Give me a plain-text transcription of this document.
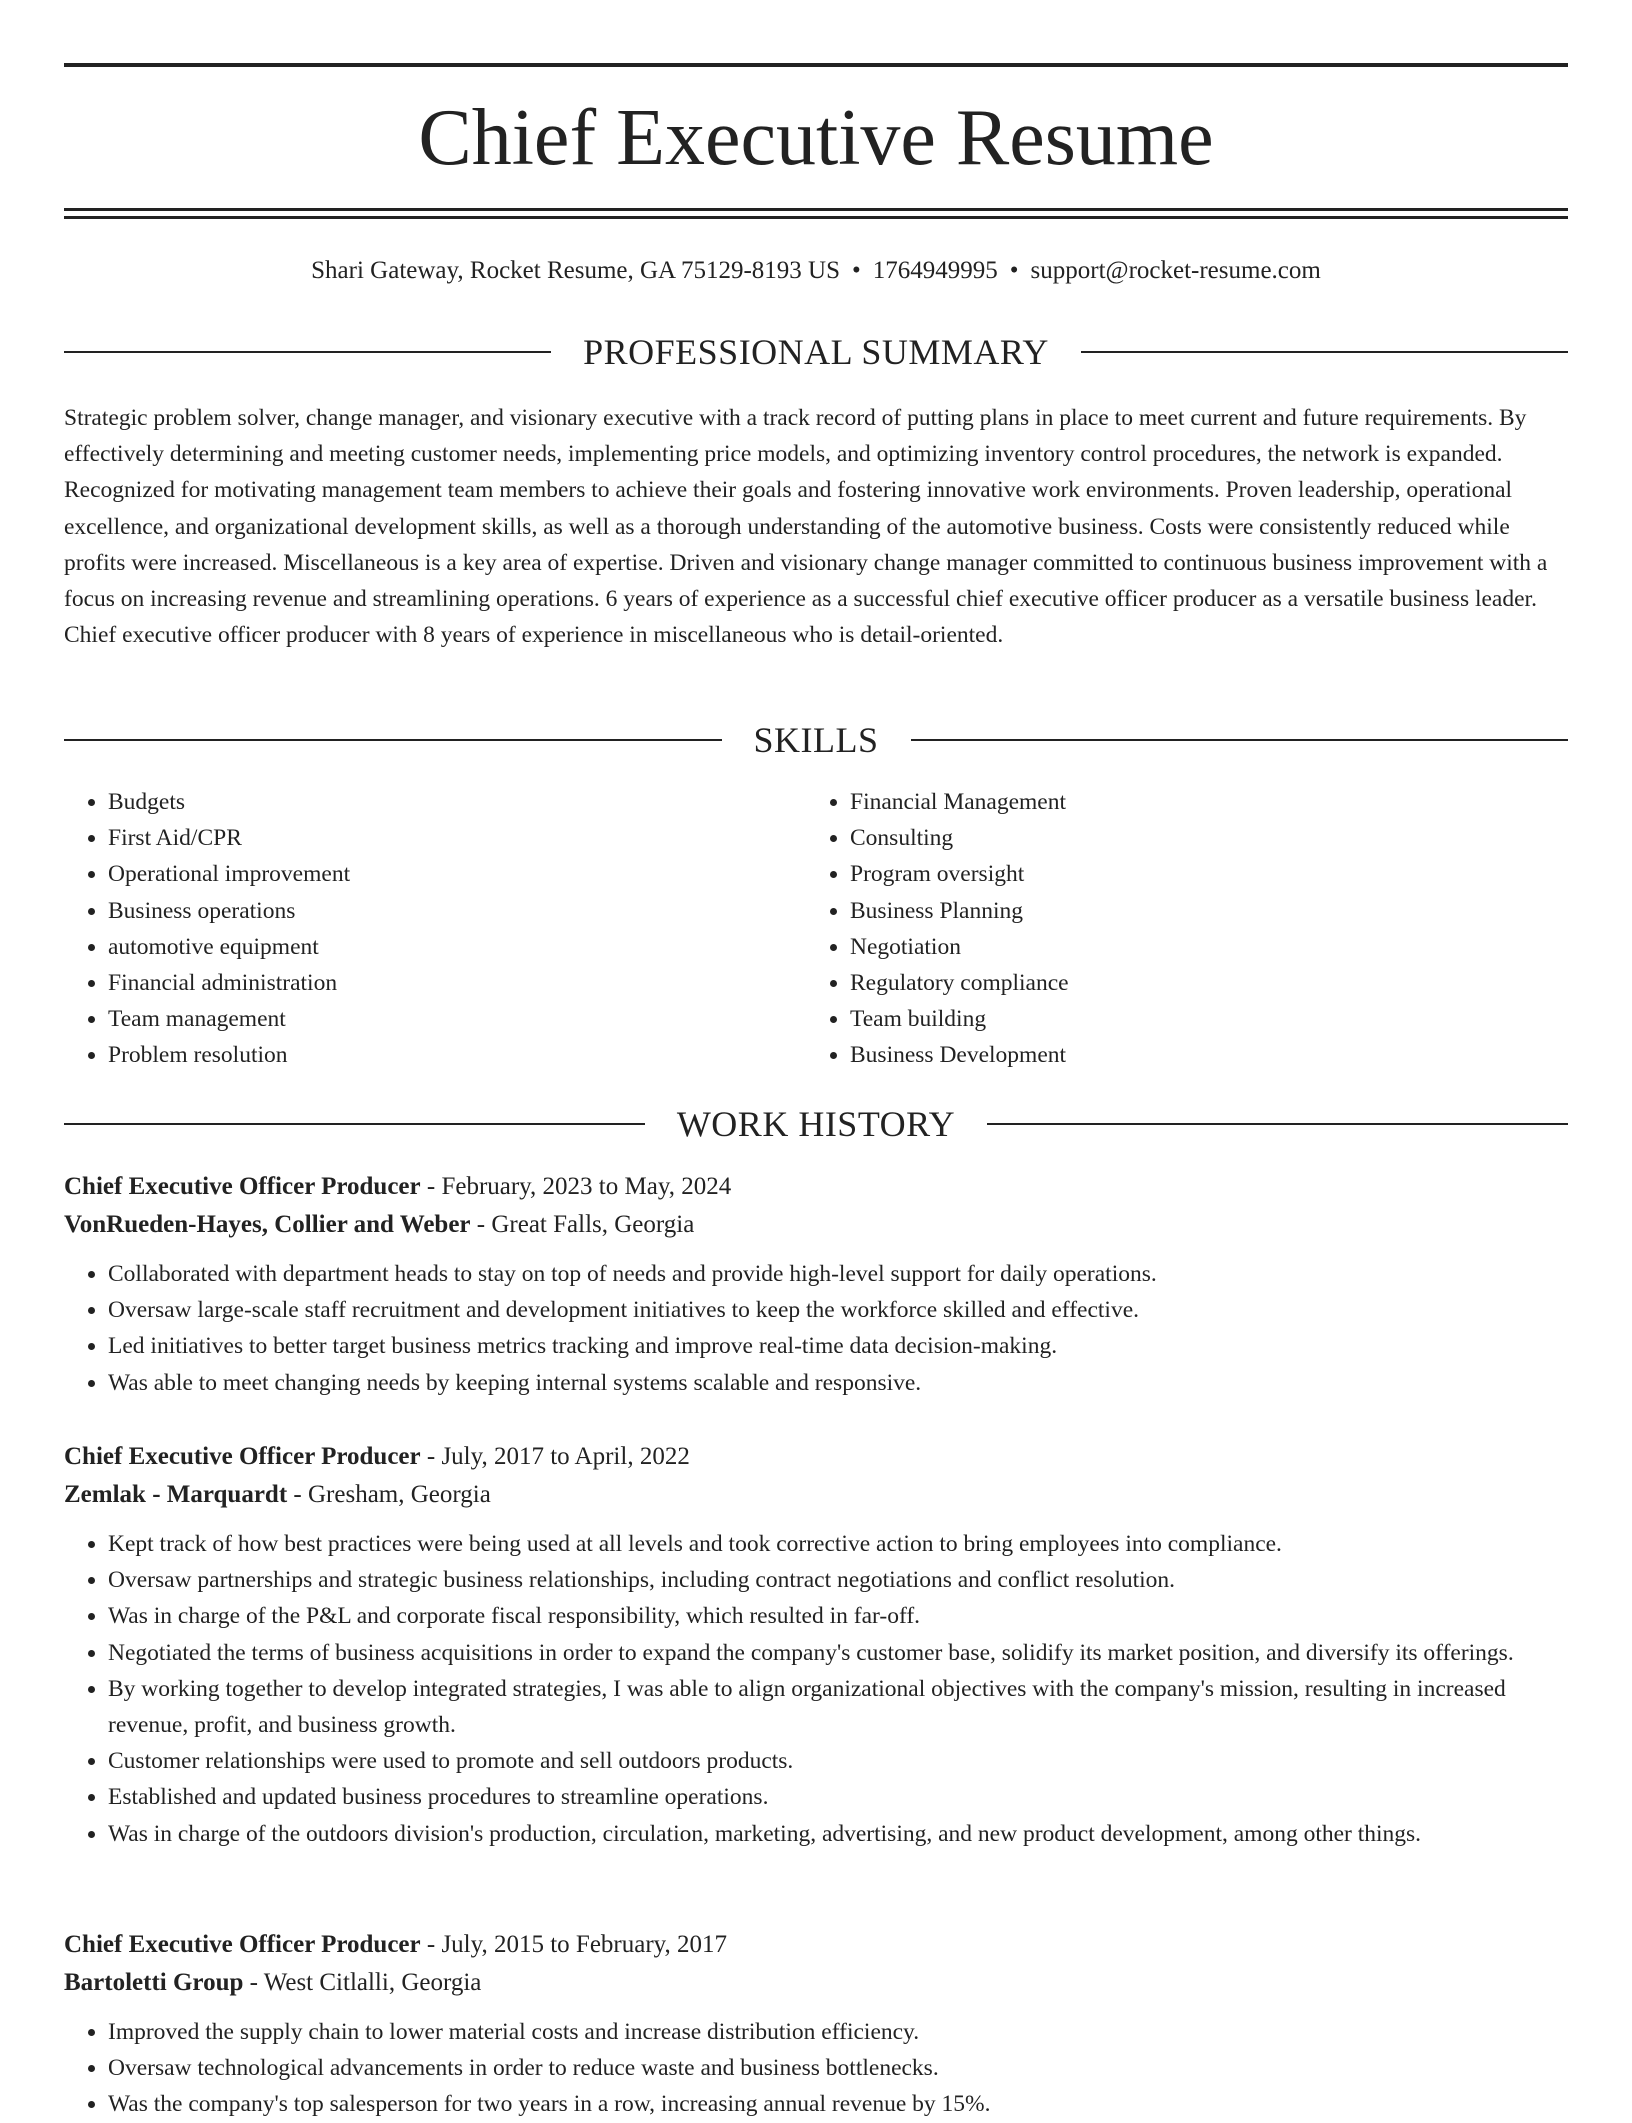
Chief Executive Resume
Shari Gateway, Rocket Resume, GA 75129-8193 US • 1764949995 • support@rocket-resume.com
PROFESSIONAL SUMMARY

Strategic problem solver, change manager, and visionary executive with a track record of putting plans in place to meet current and future requirements. By effectively determining and meeting customer needs, implementing price models, and optimizing inventory control procedures, the network is expanded. Recognized for motivating management team members to achieve their goals and fostering innovative work environments. Proven leadership, operational excellence, and organizational development skills, as well as a thorough understanding of the automotive business. Costs were consistently reduced while profits were increased. Miscellaneous is a key area of expertise. Driven and visionary change manager committed to continuous business improvement with a focus on increasing revenue and streamlining operations. 6 years of experience as a successful chief executive officer producer as a versatile business leader. Chief executive officer producer with 8 years of experience in miscellaneous who is detail-oriented.

SKILLS
• Budgets
• First Aid/CPR
• Operational improvement
• Business operations
• automotive equipment
• Financial administration
• Team management
• Problem resolution
• Financial Management
• Consulting
• Program oversight
• Business Planning
• Negotiation
• Regulatory compliance
• Team building
• Business Development
WORK HISTORY

Chief Executive Officer Producer - February, 2023 to May, 2024

VonRueden-Hayes, Collier and Weber - Great Falls, Georgia

• Collaborated with department heads to stay on top of needs and provide high-level support for daily operations.
• Oversaw large-scale staff recruitment and development initiatives to keep the workforce skilled and effective.
• Led initiatives to better target business metrics tracking and improve real-time data decision-making.
• Was able to meet changing needs by keeping internal systems scalable and responsive.

Chief Executive Officer Producer - July, 2017 to April, 2022

Zemlak - Marquardt - Gresham, Georgia

• Kept track of how best practices were being used at all levels and took corrective action to bring employees into compliance.
• Oversaw partnerships and strategic business relationships, including contract negotiations and conflict resolution.
• Was in charge of the P&L and corporate fiscal responsibility, which resulted in far-off.
• Negotiated the terms of business acquisitions in order to expand the company's customer base, solidify its market position, and diversify its offerings.
• By working together to develop integrated strategies, I was able to align organizational objectives with the company's mission, resulting in increased revenue, profit, and business growth.
• Customer relationships were used to promote and sell outdoors products.
• Established and updated business procedures to streamline operations.
• Was in charge of the outdoors division's production, circulation, marketing, advertising, and new product development, among other things.

Chief Executive Officer Producer - July, 2015 to February, 2017

Bartoletti Group - West Citlalli, Georgia

• Improved the supply chain to lower material costs and increase distribution efficiency.
• Oversaw technological advancements in order to reduce waste and business bottlenecks.
• Was the company's top salesperson for two years in a row, increasing annual revenue by 15%.
